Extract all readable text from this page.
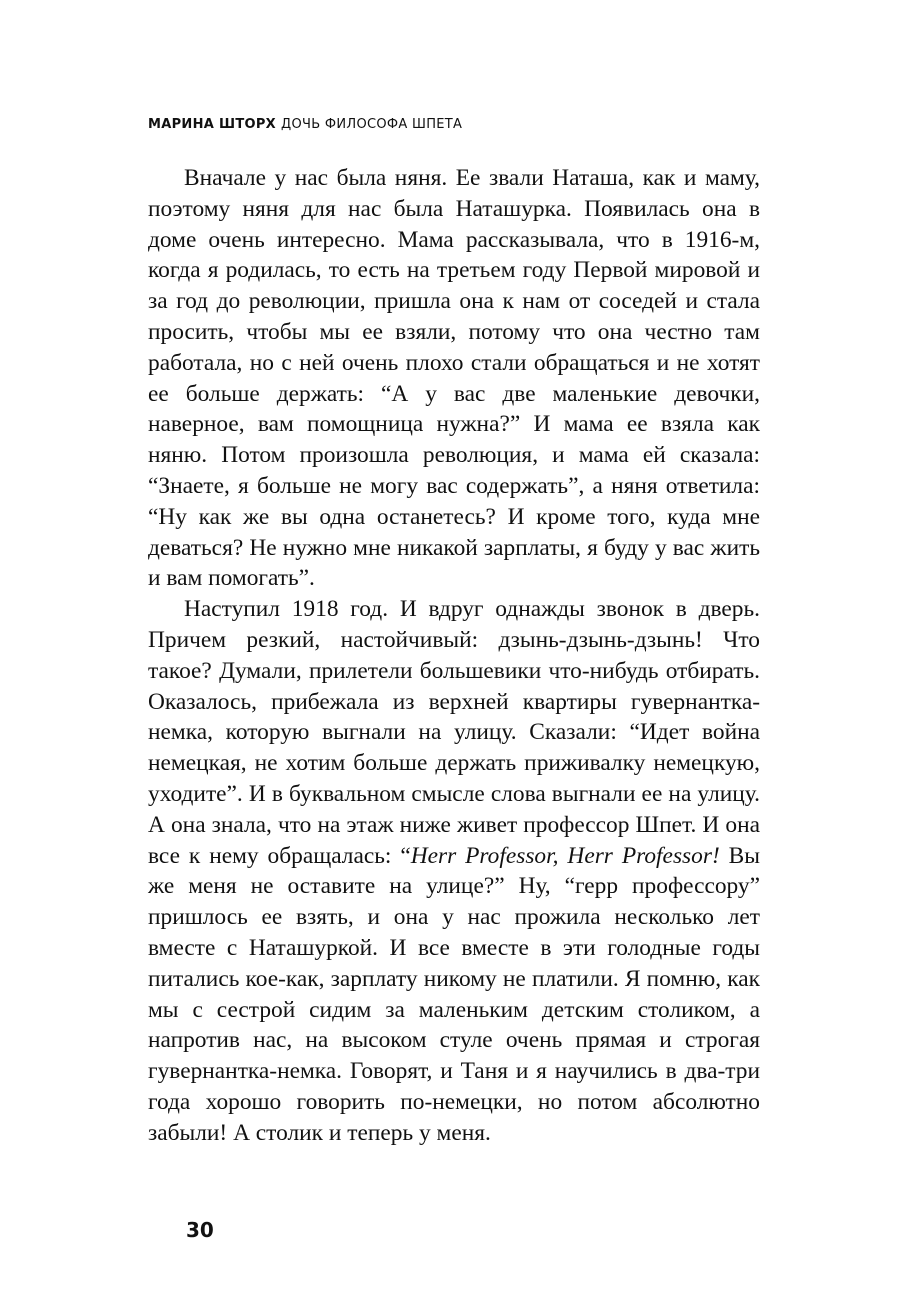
МАРИНА ШТОРХ ДОЧЬ ФИЛОСОФА ШПЕТА

Вначале у нас была няня. Ее звали Наташа, как и маму, поэтому няня для нас была Наташурка. Появилась она в доме очень интересно. Мама рассказывала, что в 1916-м, когда я родилась, то есть на третьем году Первой мировой и за год до революции, пришла она к нам от соседей и стала просить, чтобы мы ее взяли, потому что она честно там работала, но с ней очень плохо стали обращаться и не хотят ее больше держать: “А у вас две маленькие девочки, наверное, вам помощница нужна?” И мама ее взяла как няню. Потом произошла революция, и мама ей сказала: “Знаете, я больше не могу вас содержать”, а няня ответила: “Ну как же вы одна останетесь? И кроме того, куда мне деваться? Не нужно мне никакой зарплаты, я буду у вас жить и вам помогать”.

Наступил 1918 год. И вдруг однажды звонок в дверь. Причем резкий, настойчивый: дзынь-дзынь-дзынь! Что такое? Думали, прилетели большевики что-нибудь отбирать. Оказалось, прибежала из верхней квартиры гувернантка-немка, которую выгнали на улицу. Сказали: “Идет война немецкая, не хотим больше держать приживалку немецкую, уходите”. И в буквальном смысле слова выгнали ее на улицу. А она знала, что на этаж ниже живет профессор Шпет. И она все к нему обращалась: “Herr Professor, Herr Professor! Вы же меня не оставите на улице?” Ну, “герр профессору” пришлось ее взять, и она у нас прожила несколько лет вместе с Наташуркой. И все вместе в эти голодные годы питались кое-как, зарплату никому не платили. Я помню, как мы с сестрой сидим за маленьким детским столиком, а напротив нас, на высоком стуле очень прямая и строгая гувернантка-немка. Говорят, и Таня и я научились в два-три года хорошо говорить по-немецки, но потом абсолютно забыли! А столик и теперь у меня.

30
